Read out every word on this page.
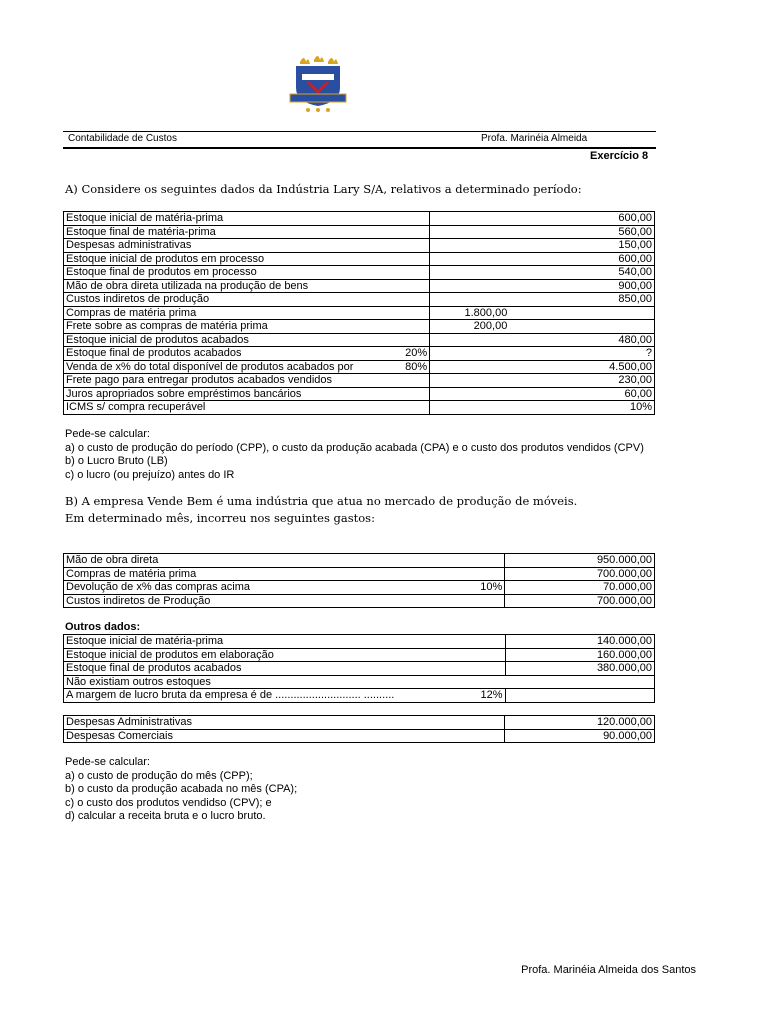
Contabilidade de Custos	Profa. Marinéia Almeida
Exercício 8
A) Considere os seguintes dados da Indústria Lary S/A, relativos a determinado período:
Estoque inicial de matéria-prima			600,00
Estoque final de matéria-prima			560,00
Despesas administrativas			150,00
Estoque inicial de produtos em processo			600,00
Estoque final de produtos em processo			540,00
Mão de obra direta utilizada na produção de bens			900,00
Custos indiretos de produção			850,00
Compras de matéria prima		1.800,00	
Frete sobre as compras de matéria prima		200,00	
Estoque inicial de produtos acabados			480,00
Estoque final de produtos acabados	20%		?
Venda de x% do total disponível de produtos acabados por	80%		4.500,00
Frete pago para entregar produtos acabados vendidos			230,00
Juros apropriados sobre empréstimos bancários			60,00
ICMS s/ compra recuperável			10%
Pede-se calcular:
a) o custo de produção do período (CPP), o custo da produção acabada (CPA) e o custo dos produtos vendidos (CPV)
b) o Lucro Bruto (LB)
c) o lucro (ou prejuízo) antes do IR
B) A empresa Vende Bem é uma indústria que atua no mercado de produção de móveis.
Em determinado mês, incorreu nos seguintes gastos:
Mão de obra direta		950.000,00
Compras de matéria prima		700.000,00
Devolução de x% das compras acima	10%	70.000,00
Custos indiretos de Produção		700.000,00
Outros dados:
Estoque inicial de matéria-prima		140.000,00
Estoque inicial de produtos em elaboração		160.000,00
Estoque final de produtos acabados		380.000,00
Não existiam outros estoques		
A margem de lucro bruta da empresa é de ............................ ..........	12%	
Despesas Administrativas	120.000,00
Despesas Comerciais	90.000,00
Pede-se calcular:
a) o custo de produção do mês (CPP);
b) o custo da produção acabada no mês (CPA);
c) o custo dos produtos vendidso (CPV); e
d) calcular a receita bruta e o lucro bruto.
Profa. Marinéia Almeida dos Santos
